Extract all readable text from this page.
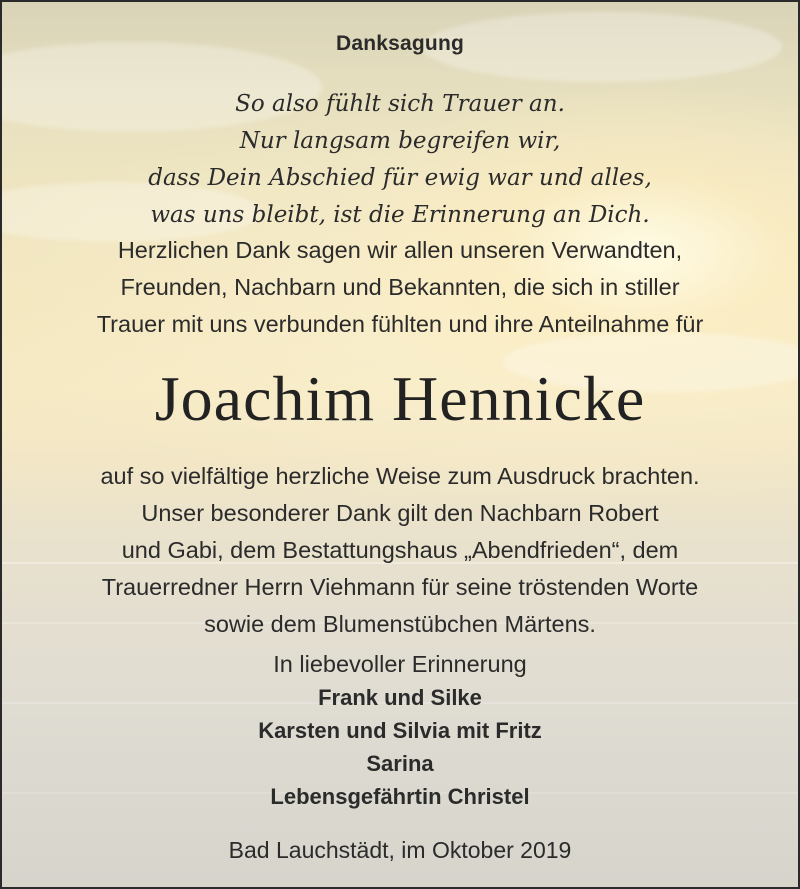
Danksagung
So also fühlt sich Trauer an.
Nur langsam begreifen wir,
dass Dein Abschied für ewig war und alles,
was uns bleibt, ist die Erinnerung an Dich.
Herzlichen Dank sagen wir allen unseren Verwandten,
Freunden, Nachbarn und Bekannten, die sich in stiller
Trauer mit uns verbunden fühlten und ihre Anteilnahme für
Joachim Hennicke
auf so vielfältige herzliche Weise zum Ausdruck brachten.
Unser besonderer Dank gilt den Nachbarn Robert
und Gabi, dem Bestattungshaus „Abendfrieden“, dem
Trauerredner Herrn Viehmann für seine tröstenden Worte
sowie dem Blumenstübchen Märtens.
In liebevoller Erinnerung
Frank und Silke
Karsten und Silvia mit Fritz
Sarina
Lebensgefährtin Christel
Bad Lauchstädt, im Oktober 2019
